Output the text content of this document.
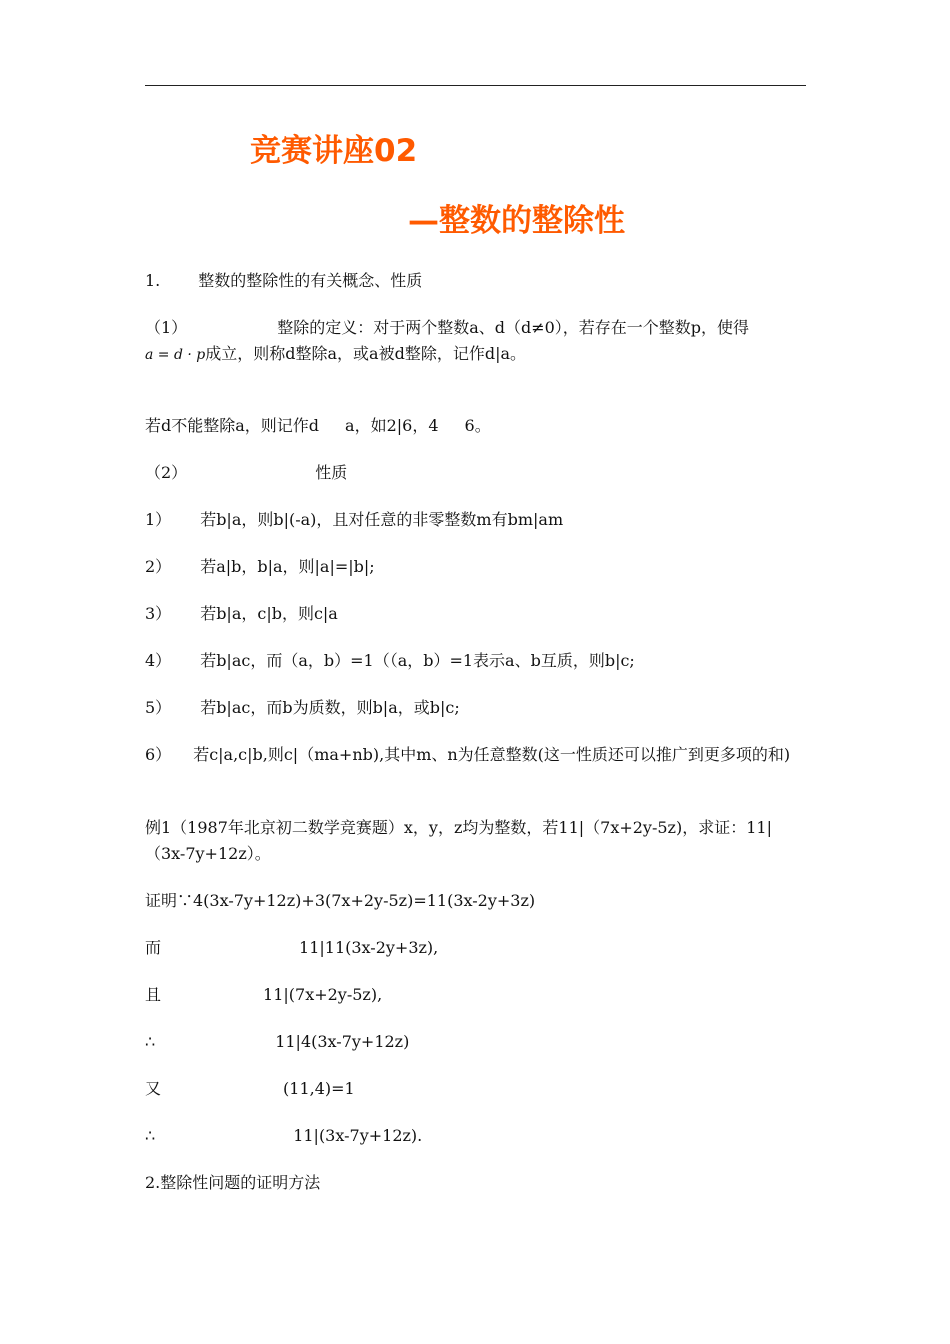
竞赛讲座02
—整数的整除性
1. 整数的整除性的有关概念、性质
（1）	整除的定义：对于两个整数a、d（d≠0），若存在一个整数p，使得
a = d · p成立，则称d整除a，或a被d整除，记作d|a。
若d不能整除a，则记作d a，如2|6，4 6。
（2）	性质
1） 若b|a，则b|(-a)，且对任意的非零整数m有bm|am
2） 若a|b，b|a，则|a|=|b|;
3） 若b|a，c|b，则c|a
4） 若b|ac，而（a，b）=1（（a，b）=1表示a、b互质，则b|c;
5） 若b|ac，而b为质数，则b|a，或b|c;
6） 若c|a,c|b,则c|（ma+nb),其中m、n为任意整数(这一性质还可以推广到更多项的和)
例1（1987年北京初二数学竞赛题）x，y，z均为整数，若11|（7x+2y-5z)，求证：11|（3x-7y+12z）。
证明∵4(3x-7y+12z)+3(7x+2y-5z)=11(3x-2y+3z)
而	11|11(3x-2y+3z),
且	11|(7x+2y-5z),
∴	11|4(3x-7y+12z)
又	(11,4)=1
∴	11|(3x-7y+12z).
2.整除性问题的证明方法
